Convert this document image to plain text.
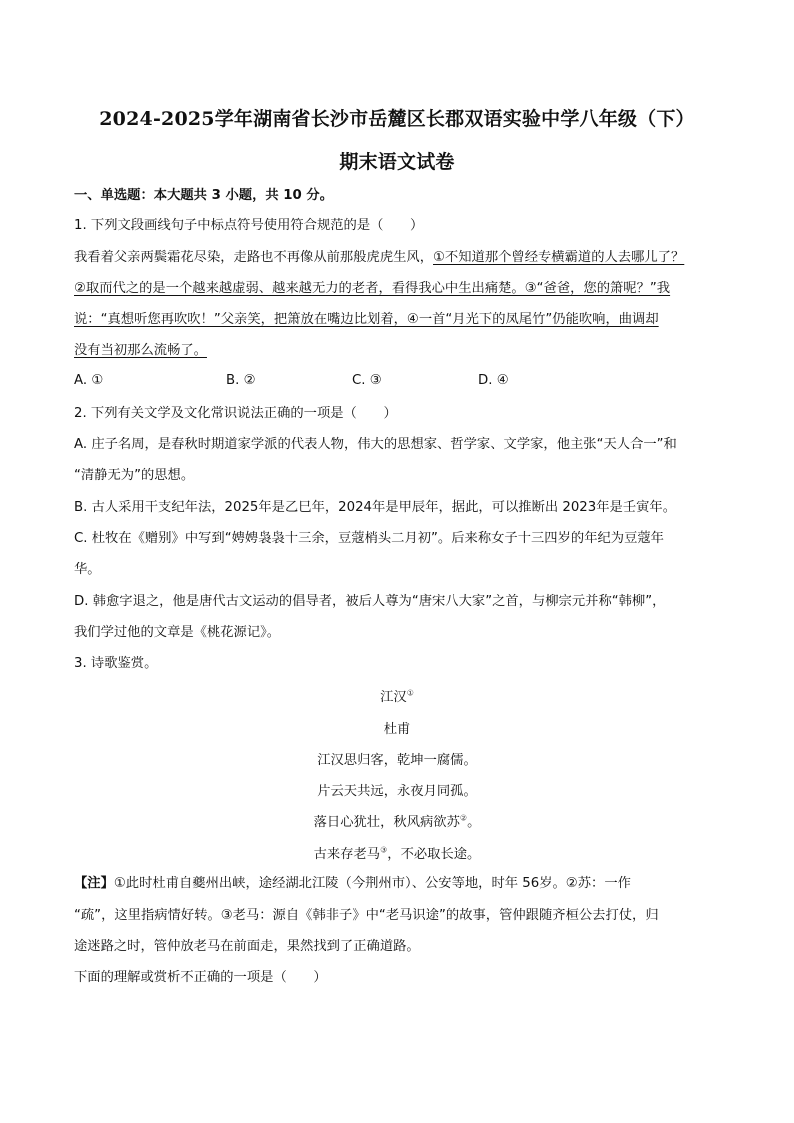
2024-2025学年湖南省长沙市岳麓区长郡双语实验中学八年级（下）
期末语文试卷
一、单选题：本大题共 3 小题，共 10 分。
1. 下列文段画线句子中标点符号使用符合规范的是（　　）
我看着父亲两鬓霜花尽染，走路也不再像从前那般虎虎生风，①不知道那个曾经专横霸道的人去哪儿了？
②取而代之的是一个越来越虚弱、越来越无力的老者，看得我心中生出痛楚。③“爸爸，您的箫呢？”我
说：“真想听您再吹吹！”父亲笑，把箫放在嘴边比划着，④一首“月光下的凤尾竹”仍能吹响，曲调却
没有当初那么流畅了。
A. ①	B. ②	C. ③	D. ④
2. 下列有关文学及文化常识说法正确的一项是（　　）
A. 庄子名周，是春秋时期道家学派的代表人物，伟大的思想家、哲学家、文学家，他主张“天人合一”和
“清静无为”的思想。
B. 古人采用干支纪年法，2025年是乙巳年，2024年是甲辰年，据此，可以推断出 2023年是壬寅年。
C. 杜牧在《赠别》中写到“娉娉袅袅十三余，豆蔻梢头二月初”。后来称女子十三四岁的年纪为豆蔻年
华。
D. 韩愈字退之，他是唐代古文运动的倡导者，被后人尊为“唐宋八大家”之首，与柳宗元并称“韩柳”，
我们学过他的文章是《桃花源记》。
3. 诗歌鉴赏。
江汉①
杜甫
江汉思归客，乾坤一腐儒。
片云天共远，永夜月同孤。
落日心犹壮，秋风病欲苏②。
古来存老马③，不必取长途。
【注】①此时杜甫自夔州出峡，途经湖北江陵（今荆州市）、公安等地，时年 56岁。②苏：一作
“疏”，这里指病情好转。③老马：源自《韩非子》中“老马识途”的故事，管仲跟随齐桓公去打仗，归
途迷路之时，管仲放老马在前面走，果然找到了正确道路。
下面的理解或赏析不正确的一项是（　　）
